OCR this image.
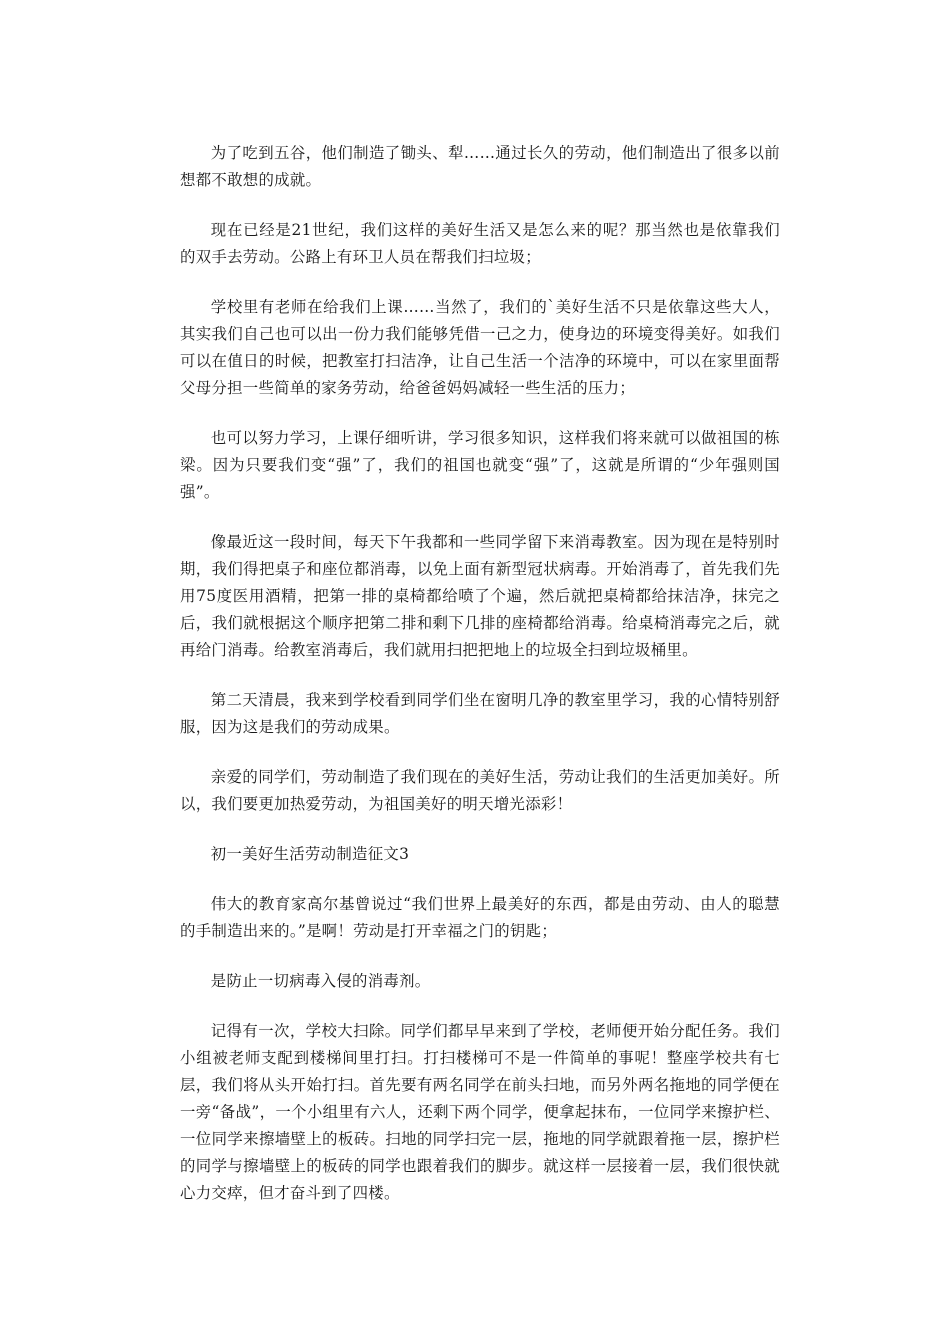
为了吃到五谷，他们制造了锄头、犁……通过长久的劳动，他们制造出了很多以前想都不敢想的成就。

现在已经是21世纪，我们这样的美好生活又是怎么来的呢？那当然也是依靠我们的双手去劳动。公路上有环卫人员在帮我们扫垃圾；

学校里有老师在给我们上课……当然了，我们的`美好生活不只是依靠这些大人，其实我们自己也可以出一份力我们能够凭借一己之力，使身边的环境变得美好。如我们可以在值日的时候，把教室打扫洁净，让自己生活一个洁净的环境中，可以在家里面帮父母分担一些简单的家务劳动，给爸爸妈妈减轻一些生活的压力；

也可以努力学习，上课仔细听讲，学习很多知识，这样我们将来就可以做祖国的栋梁。因为只要我们变“强”了，我们的祖国也就变“强”了，这就是所谓的“少年强则国强”。

像最近这一段时间，每天下午我都和一些同学留下来消毒教室。因为现在是特别时期，我们得把桌子和座位都消毒，以免上面有新型冠状病毒。开始消毒了，首先我们先用75度医用酒精，把第一排的桌椅都给喷了个遍，然后就把桌椅都给抹洁净，抹完之后，我们就根据这个顺序把第二排和剩下几排的座椅都给消毒。给桌椅消毒完之后，就再给门消毒。给教室消毒后，我们就用扫把把地上的垃圾全扫到垃圾桶里。

第二天清晨，我来到学校看到同学们坐在窗明几净的教室里学习，我的心情特别舒服，因为这是我们的劳动成果。

亲爱的同学们，劳动制造了我们现在的美好生活，劳动让我们的生活更加美好。所以，我们要更加热爱劳动，为祖国美好的明天增光添彩！

初一美好生活劳动制造征文3

伟大的教育家高尔基曾说过“我们世界上最美好的东西，都是由劳动、由人的聪慧的手制造出来的。”是啊！劳动是打开幸福之门的钥匙；

是防止一切病毒入侵的消毒剂。

记得有一次，学校大扫除。同学们都早早来到了学校，老师便开始分配任务。我们小组被老师支配到楼梯间里打扫。打扫楼梯可不是一件简单的事呢！整座学校共有七层，我们将从头开始打扫。首先要有两名同学在前头扫地，而另外两名拖地的同学便在一旁“备战”，一个小组里有六人，还剩下两个同学，便拿起抹布，一位同学来擦护栏、一位同学来擦墙壁上的板砖。扫地的同学扫完一层，拖地的同学就跟着拖一层，擦护栏的同学与擦墙壁上的板砖的同学也跟着我们的脚步。就这样一层接着一层，我们很快就心力交瘁，但才奋斗到了四楼。
